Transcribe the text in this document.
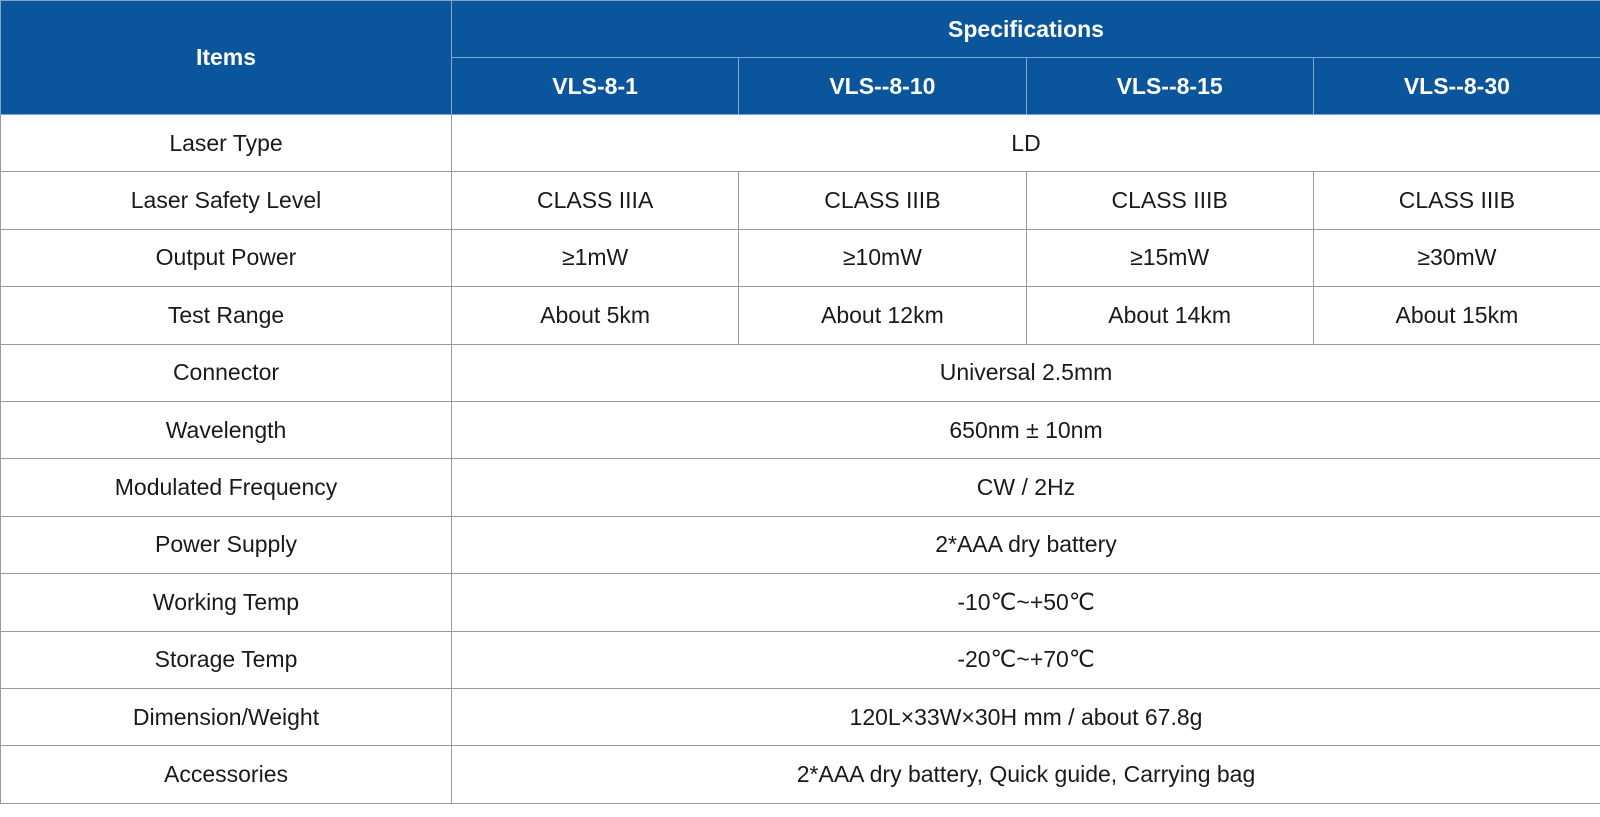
Items	Specifications			
	VLS-8-1	VLS--8-10	VLS--8-15	VLS--8-30
Laser Type	LD			
Laser Safety Level	CLASS IIIA	CLASS IIIB	CLASS IIIB	CLASS IIIB
Output Power	≥1mW	≥10mW	≥15mW	≥30mW
Test Range	About 5km	About 12km	About 14km	About 15km
Connector	Universal 2.5mm			
Wavelength	650nm ± 10nm			
Modulated Frequency	CW / 2Hz			
Power Supply	2*AAA dry battery			
Working Temp	-10℃~+50℃			
Storage Temp	-20℃~+70℃			
Dimension/Weight	120L×33W×30H mm / about 67.8g			
Accessories	2*AAA dry battery, Quick guide, Carrying bag			
